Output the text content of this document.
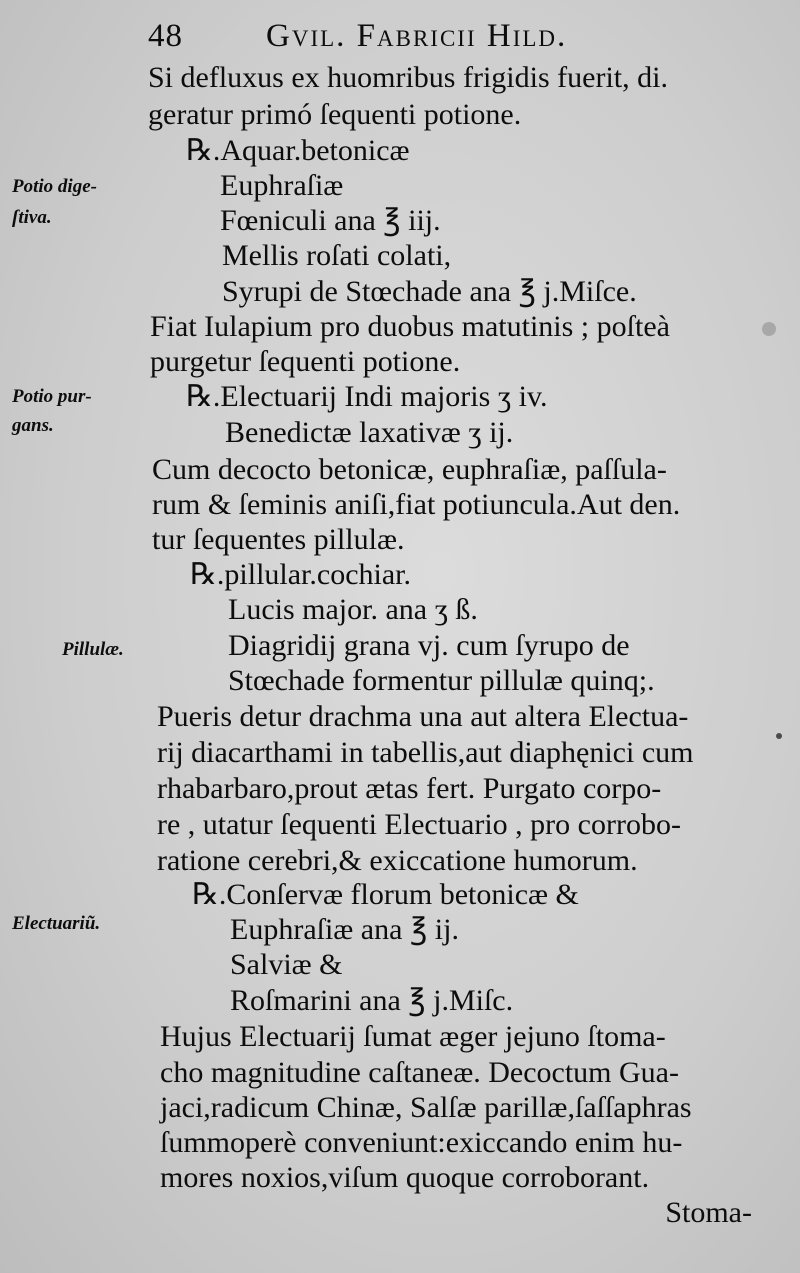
48	Gvil. Fabricii Hild.
Si defluxus ex huomribus frigidis fuerit, di.
geratur primó ſequenti potione.
℞.Aquar.betonicæ
Euphraſiæ
Fœniculi ana ℥ iij.
Mellis roſati colati,
Syrupi de Stœchade ana ℥ j.Miſce.
Fiat Iulapium pro duobus matutinis ; poſteà
purgetur ſequenti potione.
℞.Electuarij Indi majoris ʒ iv.
Benedictæ laxativæ ʒ ij.
Cum decocto betonicæ, euphraſiæ, paſſula-
rum & ſeminis aniſi,fiat potiuncula.Aut den.
tur ſequentes pillulæ.
℞.pillular.cochiar.
Lucis major. ana ʒ ß.
Diagridij grana vj. cum ſyrupo de
Stœchade formentur pillulæ quinq;.
Pueris detur drachma una aut altera Electua-
rij diacarthami in tabellis,aut diaphęnici cum
rhabarbaro,prout ætas fert. Purgato corpo-
re , utatur ſequenti Electuario , pro corrobo-
ratione cerebri,& exiccatione humorum.
℞.Conſervæ florum betonicæ &
Euphraſiæ ana ℥ ij.
Salviæ &
Roſmarini ana ℥ j.Miſc.
Hujus Electuarij ſumat æger jejuno ſtoma-
cho magnitudine caſtaneæ. Decoctum Gua-
jaci,radicum Chinæ, Salſæ parillæ,ſaſſaphras
ſummoperè conveniunt:exiccando enim hu-
mores noxios,viſum quoque corroborant.
Potio dige-
ſtiva.
Potio pur-
gans.
Pillulæ.
Electuariũ.
Stoma-
